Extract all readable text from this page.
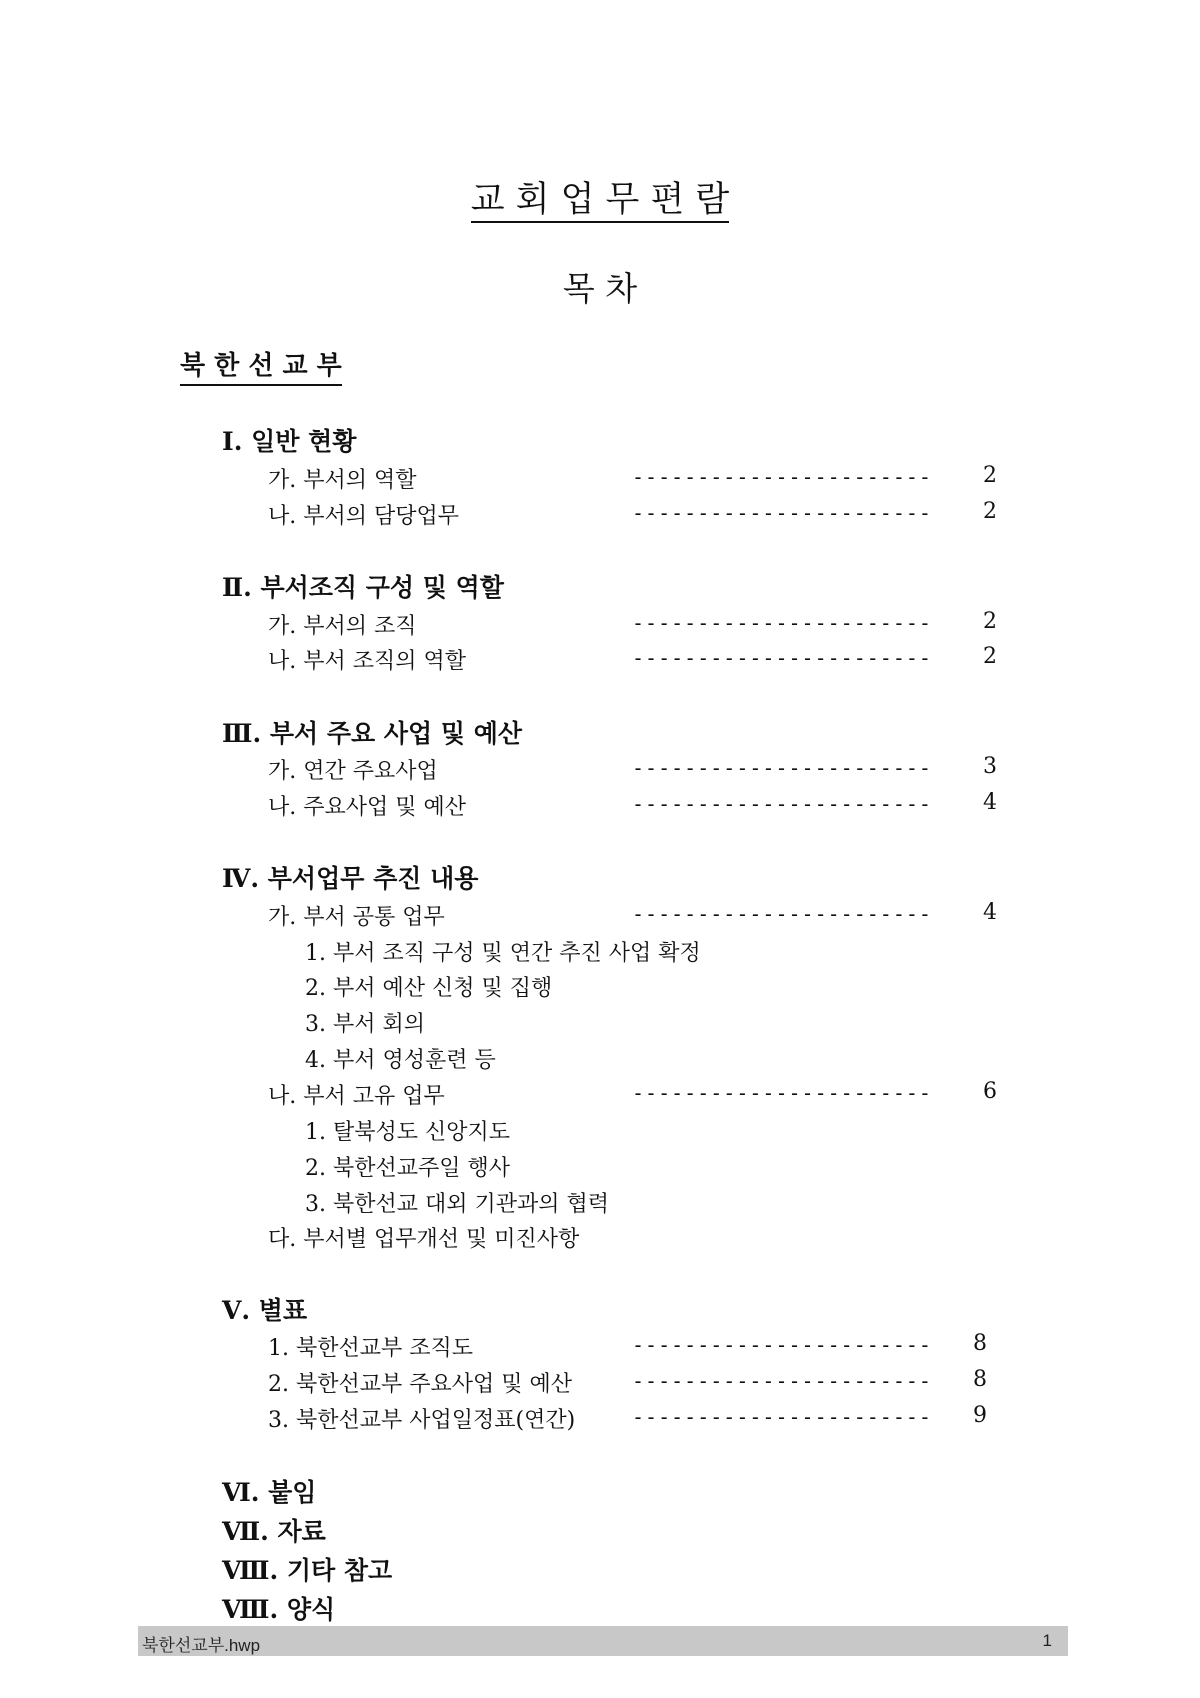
교 회 업 무 편 람
목 차
북 한 선 교 부
Ⅰ. 일반 현황
가. 부서의 역할	----------------------- 2
나. 부서의 담당업무	----------------------- 2
Ⅱ. 부서조직 구성 및 역할
가. 부서의 조직	----------------------- 2
나. 부서 조직의 역할	----------------------- 2
Ⅲ. 부서 주요 사업 및 예산
가. 연간 주요사업	----------------------- 3
나. 주요사업 및 예산	----------------------- 4
Ⅳ. 부서업무 추진 내용
가. 부서 공통 업무	----------------------- 4
1. 부서 조직 구성 및 연간 추진 사업 확정
2. 부서 예산 신청 및 집행
3. 부서 회의
4. 부서 영성훈련 등
나. 부서 고유 업무	----------------------- 6
1. 탈북성도 신앙지도
2. 북한선교주일 행사
3. 북한선교 대외 기관과의 협력
다. 부서별 업무개선 및 미진사항
Ⅴ. 별표
1. 북한선교부 조직도	----------------------- 8
2. 북한선교부 주요사업 및 예산	----------------------- 8
3. 북한선교부 사업일정표(연간)	----------------------- 9
Ⅵ. 붙임
Ⅶ. 자료
Ⅷ. 기타 참고
Ⅷ. 양식
북한선교부.hwp	1
